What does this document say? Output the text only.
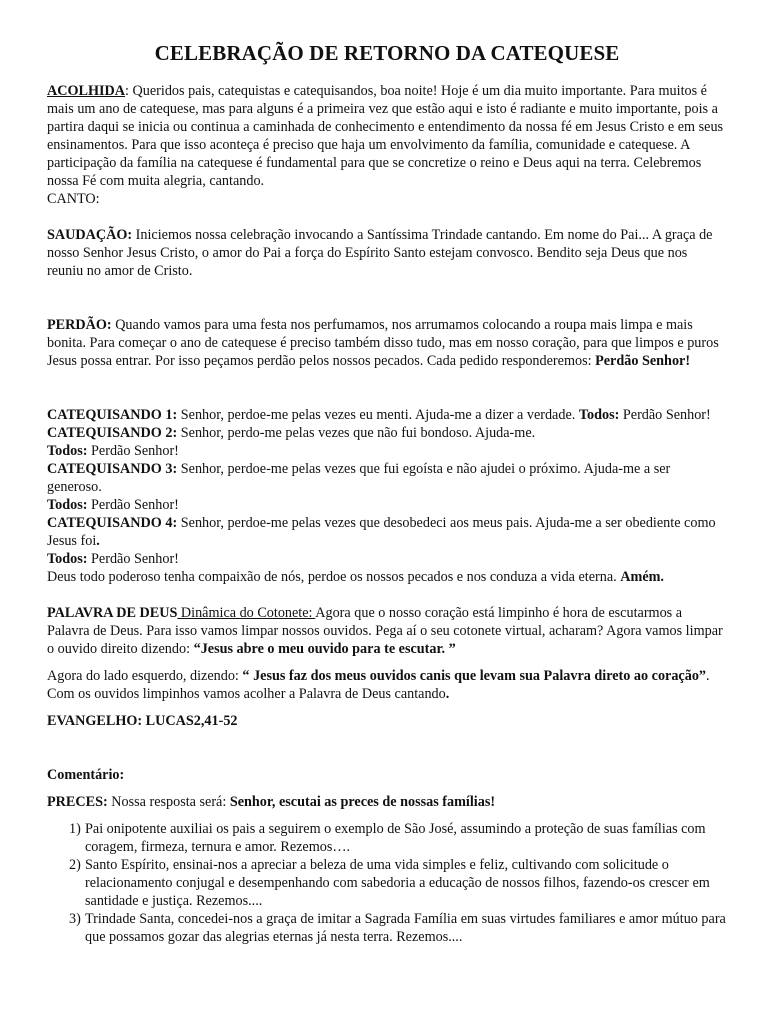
CELEBRAÇÃO DE RETORNO DA CATEQUESE

ACOLHIDA: Queridos pais, catequistas e catequisandos, boa noite! Hoje é um dia muito importante. Para muitos é mais um ano de catequese, mas para alguns é a primeira vez que estão aqui e isto é radiante e muito importante, pois a partira daqui se inicia ou continua a caminhada de conhecimento e entendimento da nossa fé em Jesus Cristo e em seus ensinamentos. Para que isso aconteça é preciso que haja um envolvimento da família, comunidade e catequese. A participação da família na catequese é fundamental para que se concretize o reino e Deus aqui na terra. Celebremos nossa Fé com muita alegria, cantando.

CANTO:

SAUDAÇÃO: Iniciemos nossa celebração invocando a Santíssima Trindade cantando. Em nome do Pai... A graça de nosso Senhor Jesus Cristo, o amor do Pai a força do Espírito Santo estejam convosco. Bendito seja Deus que nos reuniu no amor de Cristo.

PERDÃO: Quando vamos para uma festa nos perfumamos, nos arrumamos colocando a roupa mais limpa e mais bonita. Para começar o ano de catequese é preciso também disso tudo, mas em nosso coração, para que limpos e puros Jesus possa entrar. Por isso peçamos perdão pelos nossos pecados. Cada pedido responderemos: Perdão Senhor!

CATEQUISANDO 1: Senhor, perdoe-me pelas vezes eu menti. Ajuda-me a dizer a verdade. Todos: Perdão Senhor!

CATEQUISANDO 2: Senhor, perdo-me pelas vezes que não fui bondoso. Ajuda-me.

Todos: Perdão Senhor!

CATEQUISANDO 3: Senhor, perdoe-me pelas vezes que fui egoísta e não ajudei o próximo. Ajuda-me a ser generoso.

Todos: Perdão Senhor!

CATEQUISANDO 4: Senhor, perdoe-me pelas vezes que desobedeci aos meus pais. Ajuda-me a ser obediente como Jesus foi.

Todos: Perdão Senhor!

Deus todo poderoso tenha compaixão de nós, perdoe os nossos pecados e nos conduza a vida eterna. Amém.

PALAVRA DE DEUS Dinâmica do Cotonete: Agora que o nosso coração está limpinho é hora de escutarmos a Palavra de Deus. Para isso vamos limpar nossos ouvidos. Pega aí o seu cotonete virtual, acharam? Agora vamos limpar o ouvido direito dizendo: “Jesus abre o meu ouvido para te escutar. ”

Agora do lado esquerdo, dizendo: “ Jesus faz dos meus ouvidos canis que levam sua Palavra direto ao coração”. Com os ouvidos limpinhos vamos acolher a Palavra de Deus cantando.

EVANGELHO: LUCAS2,41-52

Comentário:

PRECES: Nossa resposta será: Senhor, escutai as preces de nossas famílias!

1) Pai onipotente auxiliai os pais a seguirem o exemplo de São José, assumindo a proteção de suas famílias com coragem, firmeza, ternura e amor. Rezemos….
2) Santo Espírito, ensinai-nos a apreciar a beleza de uma vida simples e feliz, cultivando com solicitude o relacionamento conjugal e desempenhando com sabedoria a educação de nossos filhos, fazendo-os crescer em santidade e justiça. Rezemos....
3) Trindade Santa, concedei-nos a graça de imitar a Sagrada Família em suas virtudes familiares e amor mútuo para que possamos gozar das alegrias eternas já nesta terra. Rezemos....
